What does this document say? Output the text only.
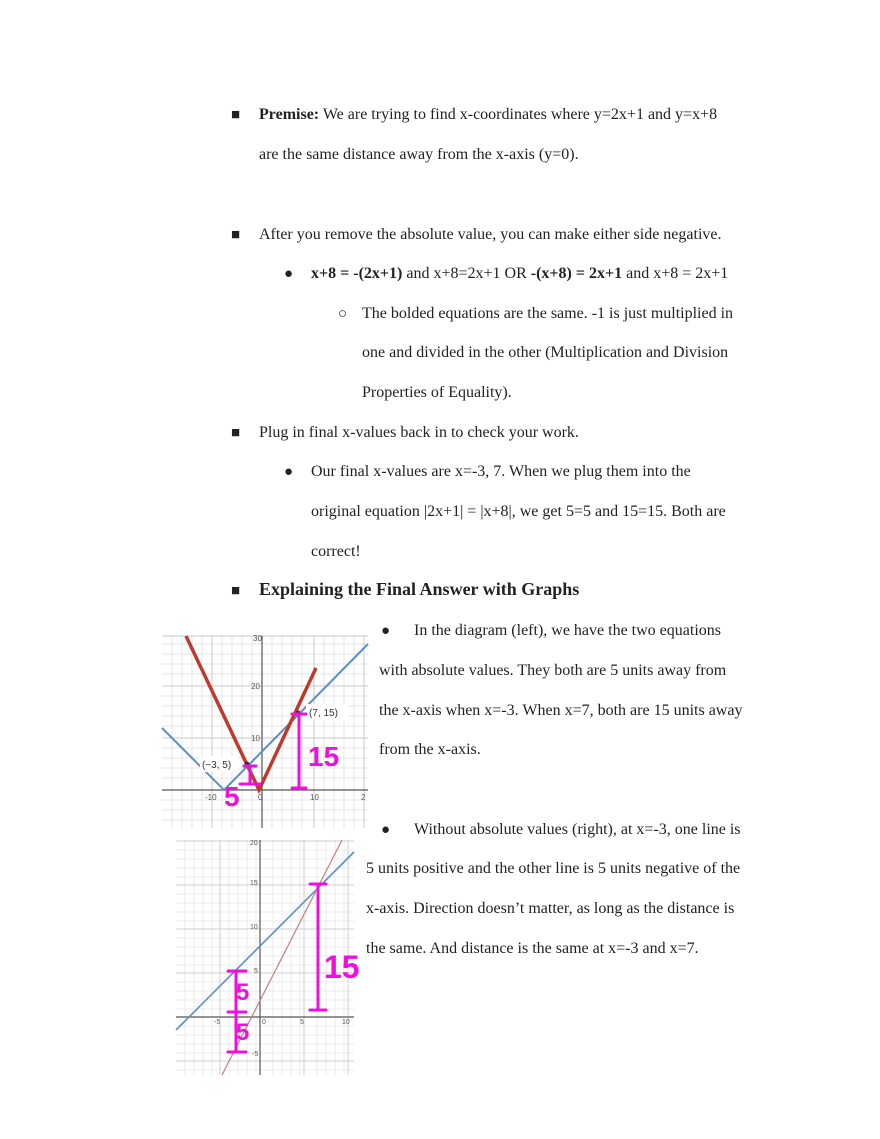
■ Premise: We are trying to find x-coordinates where y=2x+1 and y=x+8
are the same distance away from the x-axis (y=0).
■ After you remove the absolute value, you can make either side negative.
● x+8 = -(2x+1) and x+8=2x+1 OR -(x+8) = 2x+1 and x+8 = 2x+1
○ The bolded equations are the same. -1 is just multiplied in
one and divided in the other (Multiplication and Division
Properties of Equality).
■ Plug in final x-values back in to check your work.
● Our final x-values are x=-3, 7. When we plug them into the
original equation |2x+1| = |x+8|, we get 5=5 and 15=15. Both are
correct!
■ Explaining the Final Answer with Graphs
● In the diagram (left), we have the two equations
with absolute values. They both are 5 units away from
the x-axis when x=-3. When x=7, both are 15 units away
from the x-axis.
● Without absolute values (right), at x=-3, one line is
5 units positive and the other line is 5 units negative of the
x-axis. Direction doesn’t matter, as long as the distance is
the same. And distance is the same at x=-3 and x=7.
30
20
10
-10	0	10	2
(−3, 5)
(7, 15)
5
15
20
15
10
5
-5
-5	0	5	10
5
5
15
